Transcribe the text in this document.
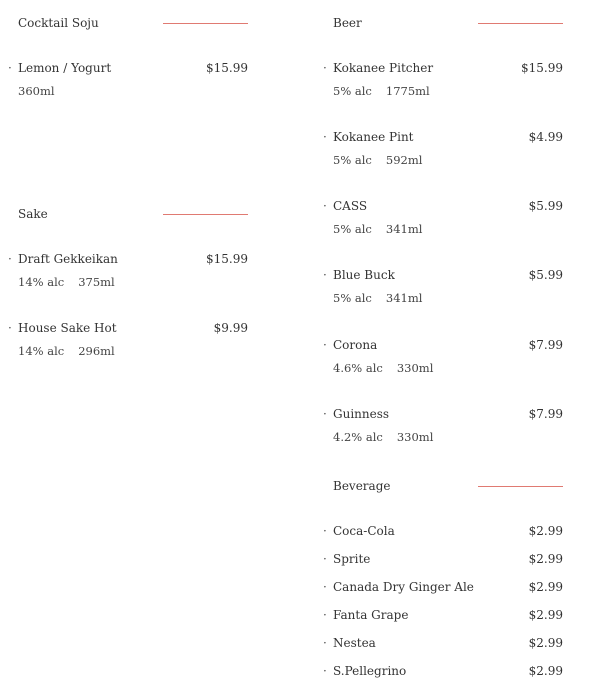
Cocktail Soju
· Lemon / Yogurt	$15.99
360ml
Sake
· Draft Gekkeikan	$15.99
14% alc 375ml
· House Sake Hot	$9.99
14% alc 296ml
Beer
· Kokanee Pitcher	$15.99
5% alc 1775ml
· Kokanee Pint	$4.99
5% alc 592ml
· CASS	$5.99
5% alc 341ml
· Blue Buck	$5.99
5% alc 341ml
· Corona	$7.99
4.6% alc 330ml
· Guinness	$7.99
4.2% alc 330ml
Beverage
· Coca-Cola	$2.99
· Sprite	$2.99
· Canada Dry Ginger Ale	$2.99
· Fanta Grape	$2.99
· Nestea	$2.99
· S.Pellegrino	$2.99
